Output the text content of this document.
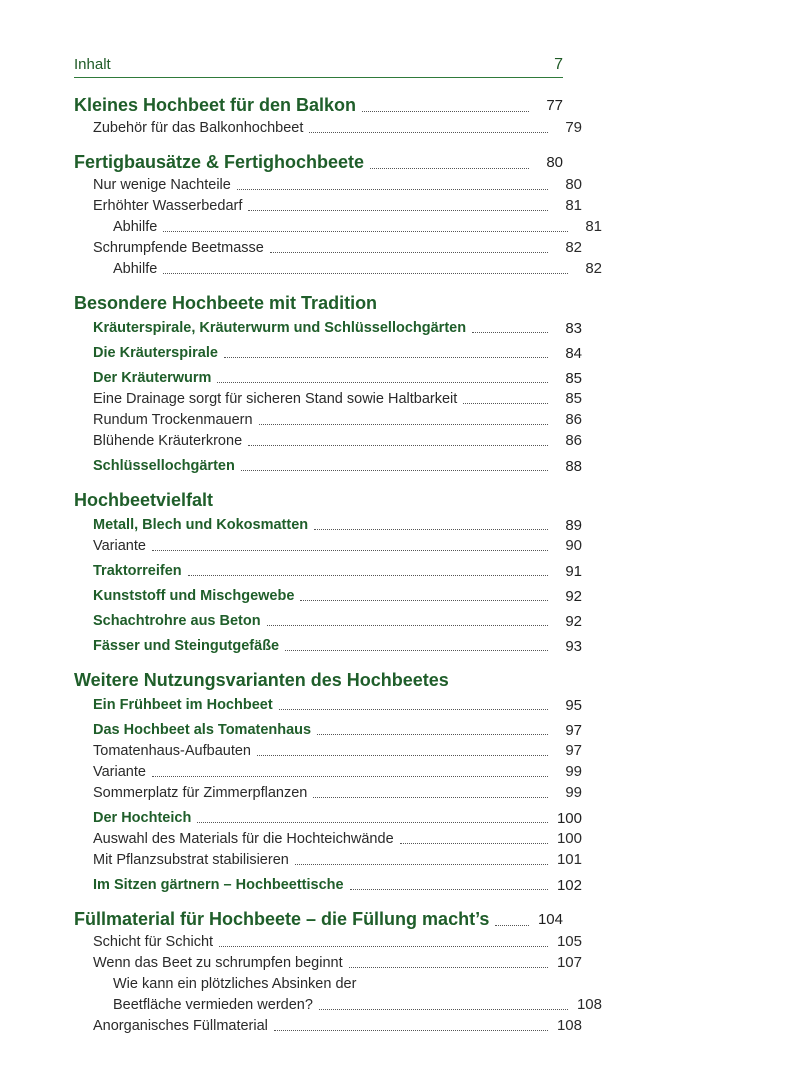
Inhalt	7
Kleines Hochbeet für den Balkon	77
Zubehör für das Balkonhochbeet	79
Fertigbausätze & Fertighochbeete	80
Nur wenige Nachteile	80
Erhöhter Wasserbedarf	81
Abhilfe	81
Schrumpfende Beetmasse	82
Abhilfe	82
Besondere Hochbeete mit Tradition
Kräuterspirale, Kräuterwurm und Schlüssellochgärten	83
Die Kräuterspirale	84
Der Kräuterwurm	85
Eine Drainage sorgt für sicheren Stand sowie Haltbarkeit	85
Rundum Trockenmauern	86
Blühende Kräuterkrone	86
Schlüssellochgärten	88
Hochbeetvielfalt
Metall, Blech und Kokosmatten	89
Variante	90
Traktorreifen	91
Kunststoff und Mischgewebe	92
Schachtrohre aus Beton	92
Fässer und Steingutgefäße	93
Weitere Nutzungsvarianten des Hochbeetes
Ein Frühbeet im Hochbeet	95
Das Hochbeet als Tomatenhaus	97
Tomatenhaus-Aufbauten	97
Variante	99
Sommerplatz für Zimmerpflanzen	99
Der Hochteich	100
Auswahl des Materials für die Hochteichwände	100
Mit Pflanzsubstrat stabilisieren	101
Im Sitzen gärtnern – Hochbeettische	102
Füllmaterial für Hochbeete – die Füllung macht’s	104
Schicht für Schicht	105
Wenn das Beet zu schrumpfen beginnt	107
Wie kann ein plötzliches Absinken der
Beetfläche vermieden werden?	108
Anorganisches Füllmaterial	108
